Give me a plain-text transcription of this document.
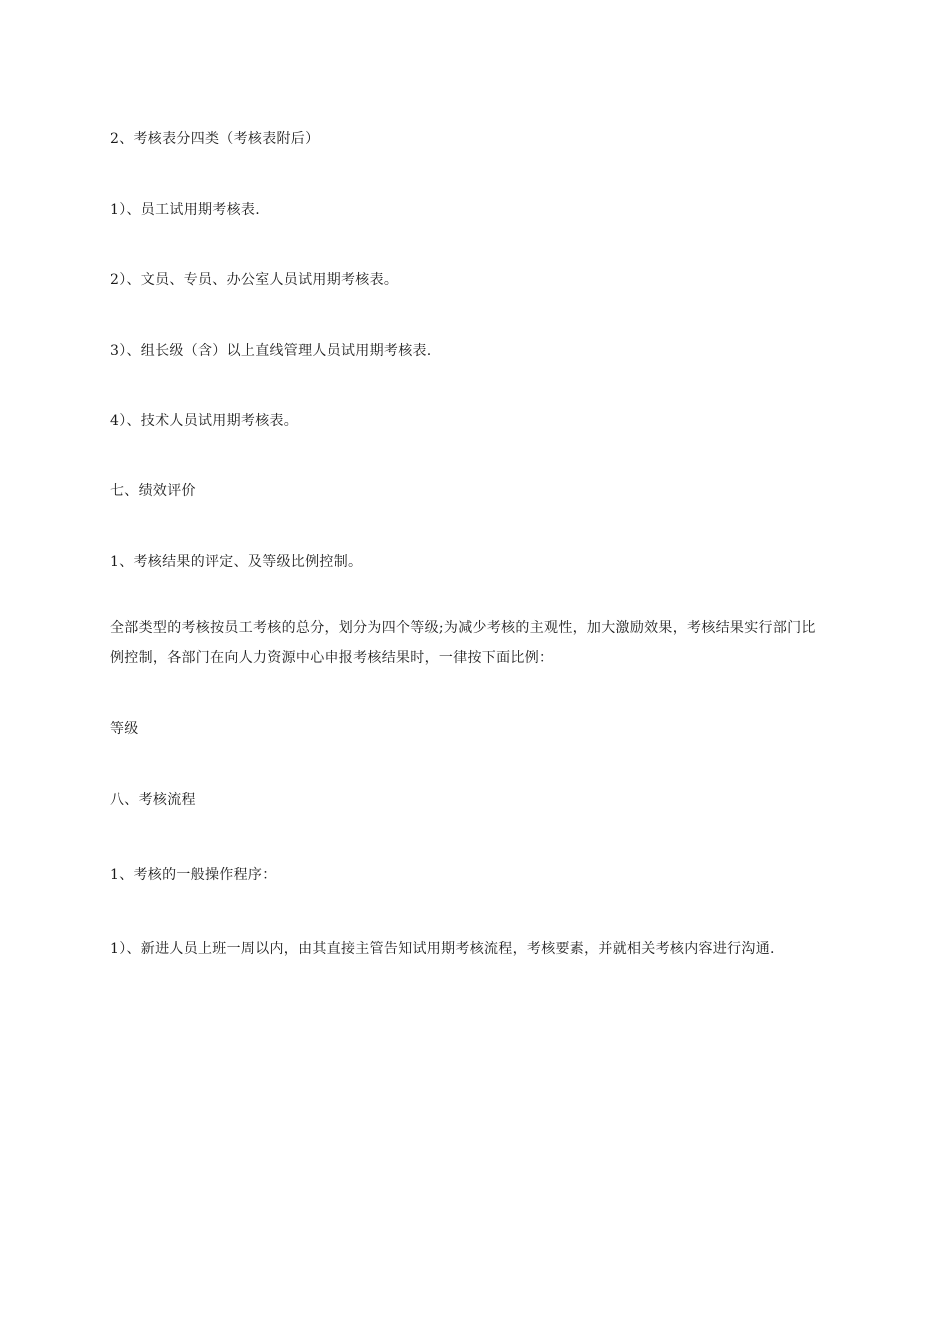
2、考核表分四类（考核表附后）
1）、员工试用期考核表.
2）、文员、专员、办公室人员试用期考核表。
3）、组长级（含）以上直线管理人员试用期考核表.
4）、技术人员试用期考核表。
七、绩效评价
1、考核结果的评定、及等级比例控制。
全部类型的考核按员工考核的总分，划分为四个等级;为减少考核的主观性，加大激励效果，考核结果实行部门比
例控制，各部门在向人力资源中心申报考核结果时，一律按下面比例：
等级
八、考核流程
1、考核的一般操作程序：
1）、新进人员上班一周以内，由其直接主管告知试用期考核流程，考核要素，并就相关考核内容进行沟通.
